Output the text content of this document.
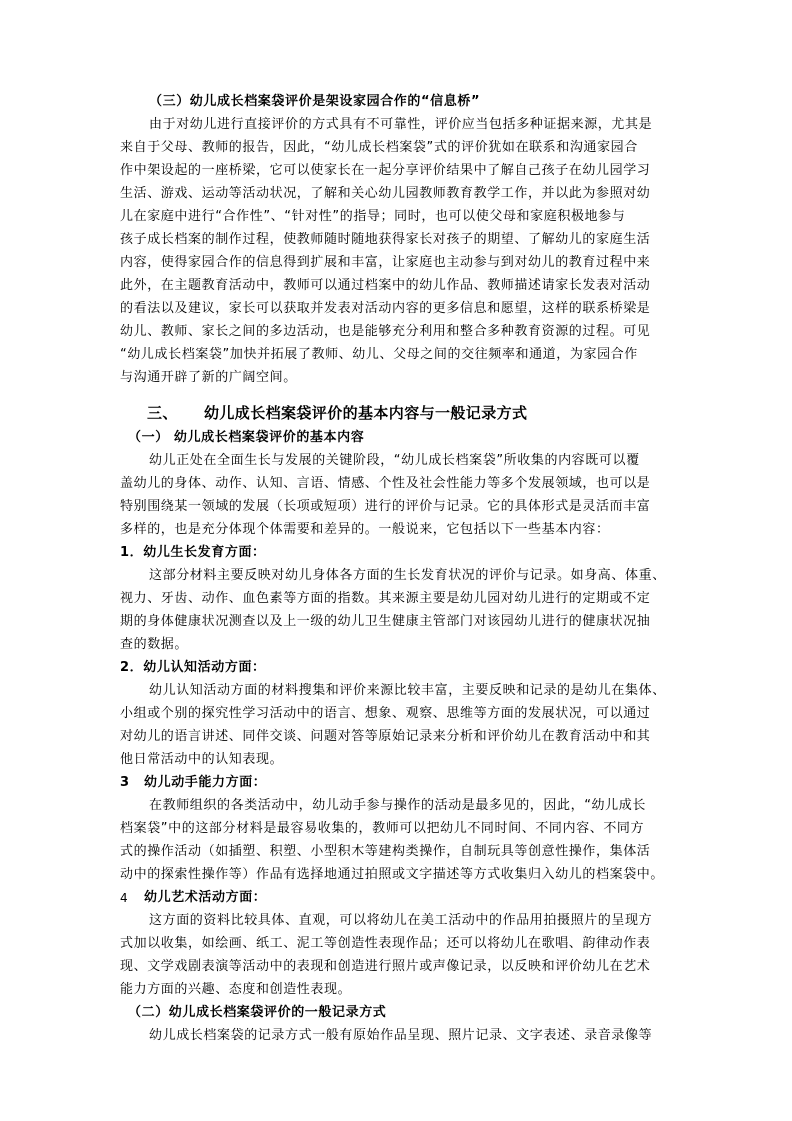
（三）幼儿成长档案袋评价是架设家园合作的“信息桥”
由于对幼儿进行直接评价的方式具有不可靠性，评价应当包括多种证据来源，尤其是
来自于父母、教师的报告，因此，“幼儿成长档案袋”式的评价犹如在联系和沟通家园合
作中架设起的一座桥梁，它可以使家长在一起分享评价结果中了解自己孩子在幼儿园学习
生活、游戏、运动等活动状况，了解和关心幼儿园教师教育教学工作，并以此为参照对幼
儿在家庭中进行“合作性”、“针对性”的指导；同时，也可以使父母和家庭积极地参与
孩子成长档案的制作过程，使教师随时随地获得家长对孩子的期望、了解幼儿的家庭生活
内容，使得家园合作的信息得到扩展和丰富，让家庭也主动参与到对幼儿的教育过程中来
此外，在主题教育活动中，教师可以通过档案中的幼儿作品、教师描述请家长发表对活动
的看法以及建议，家长可以获取并发表对活动内容的更多信息和愿望，这样的联系桥梁是
幼儿、教师、家长之间的多边活动，也是能够充分利用和整合多种教育资源的过程。可见
“幼儿成长档案袋”加快并拓展了教师、幼儿、父母之间的交往频率和通道，为家园合作
与沟通开辟了新的广阔空间。
三、 幼儿成长档案袋评价的基本内容与一般记录方式
（一） 幼儿成长档案袋评价的基本内容
幼儿正处在全面生长与发展的关键阶段，“幼儿成长档案袋”所收集的内容既可以覆
盖幼儿的身体、动作、认知、言语、情感、个性及社会性能力等多个发展领域，也可以是
特别围绕某一领域的发展（长项或短项）进行的评价与记录。它的具体形式是灵活而丰富
多样的，也是充分体现个体需要和差异的。一般说来，它包括以下一些基本内容：
1．幼儿生长发育方面：
这部分材料主要反映对幼儿身体各方面的生长发育状况的评价与记录。如身高、体重、
视力、牙齿、动作、血色素等方面的指数。其来源主要是幼儿园对幼儿进行的定期或不定
期的身体健康状况测查以及上一级的幼儿卫生健康主管部门对该园幼儿进行的健康状况抽
查的数据。
2．幼儿认知活动方面：
幼儿认知活动方面的材料搜集和评价来源比较丰富，主要反映和记录的是幼儿在集体、
小组或个别的探究性学习活动中的语言、想象、观察、思维等方面的发展状况，可以通过
对幼儿的语言讲述、同伴交谈、问题对答等原始记录来分析和评价幼儿在教育活动中和其
他日常活动中的认知表现。
3 幼儿动手能力方面：
在教师组织的各类活动中，幼儿动手参与操作的活动是最多见的，因此，“幼儿成长
档案袋”中的这部分材料是最容易收集的，教师可以把幼儿不同时间、不同内容、不同方
式的操作活动（如插塑、积塑、小型积木等建构类操作，自制玩具等创意性操作，集体活
动中的探索性操作等）作品有选择地通过拍照或文字描述等方式收集归入幼儿的档案袋中。
4 幼儿艺术活动方面：
这方面的资料比较具体、直观，可以将幼儿在美工活动中的作品用拍摄照片的呈现方
式加以收集，如绘画、纸工、泥工等创造性表现作品；还可以将幼儿在歌唱、韵律动作表
现、文学戏剧表演等活动中的表现和创造进行照片或声像记录，以反映和评价幼儿在艺术
能力方面的兴趣、态度和创造性表现。
（二）幼儿成长档案袋评价的一般记录方式
幼儿成长档案袋的记录方式一般有原始作品呈现、照片记录、文字表述、录音录像等
